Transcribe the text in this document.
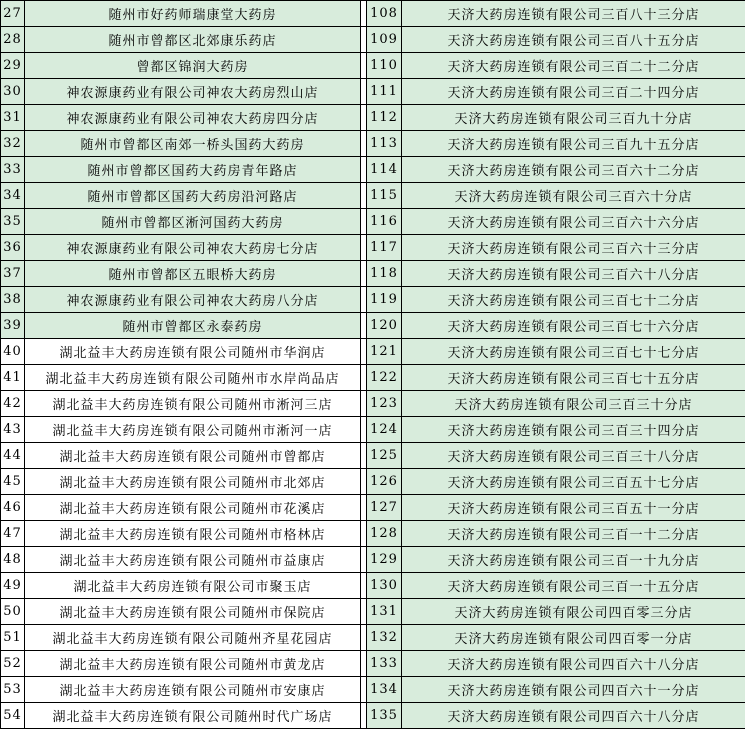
27	随州市好药师瑞康堂大药房		108	天济大药房连锁有限公司三百八十三分店
28	随州市曾都区北郊康乐药店		109	天济大药房连锁有限公司三百八十五分店
29	曾都区锦润大药房		110	天济大药房连锁有限公司三百二十二分店
30	神农源康药业有限公司神农大药房烈山店		111	天济大药房连锁有限公司三百二十四分店
31	神农源康药业有限公司神农大药房四分店		112	天济大药房连锁有限公司三百九十分店
32	随州市曾都区南郊一桥头国药大药房		113	天济大药房连锁有限公司三百九十五分店
33	随州市曾都区国药大药房青年路店		114	天济大药房连锁有限公司三百六十二分店
34	随州市曾都区国药大药房沿河路店		115	天济大药房连锁有限公司三百六十分店
35	随州市曾都区淅河国药大药房		116	天济大药房连锁有限公司三百六十六分店
36	神农源康药业有限公司神农大药房七分店		117	天济大药房连锁有限公司三百六十三分店
37	随州市曾都区五眼桥大药房		118	天济大药房连锁有限公司三百六十八分店
38	神农源康药业有限公司神农大药房八分店		119	天济大药房连锁有限公司三百七十二分店
39	随州市曾都区永泰药房		120	天济大药房连锁有限公司三百七十六分店
40	湖北益丰大药房连锁有限公司随州市华润店		121	天济大药房连锁有限公司三百七十七分店
41	湖北益丰大药房连锁有限公司随州市水岸尚品店		122	天济大药房连锁有限公司三百七十五分店
42	湖北益丰大药房连锁有限公司随州市淅河三店		123	天济大药房连锁有限公司三百三十分店
43	湖北益丰大药房连锁有限公司随州市淅河一店		124	天济大药房连锁有限公司三百三十四分店
44	湖北益丰大药房连锁有限公司随州市曾都店		125	天济大药房连锁有限公司三百三十八分店
45	湖北益丰大药房连锁有限公司随州市北郊店		126	天济大药房连锁有限公司三百五十七分店
46	湖北益丰大药房连锁有限公司随州市花溪店		127	天济大药房连锁有限公司三百五十一分店
47	湖北益丰大药房连锁有限公司随州市格林店		128	天济大药房连锁有限公司三百一十二分店
48	湖北益丰大药房连锁有限公司随州市益康店		129	天济大药房连锁有限公司三百一十九分店
49	湖北益丰大药房连锁有限公司市聚玉店		130	天济大药房连锁有限公司三百一十五分店
50	湖北益丰大药房连锁有限公司随州市保院店		131	天济大药房连锁有限公司四百零三分店
51	湖北益丰大药房连锁有限公司随州齐星花园店		132	天济大药房连锁有限公司四百零一分店
52	湖北益丰大药房连锁有限公司随州市黄龙店		133	天济大药房连锁有限公司四百六十八分店
53	湖北益丰大药房连锁有限公司随州市安康店		134	天济大药房连锁有限公司四百六十一分店
54	湖北益丰大药房连锁有限公司随州时代广场店		135	天济大药房连锁有限公司四百六十八分店
